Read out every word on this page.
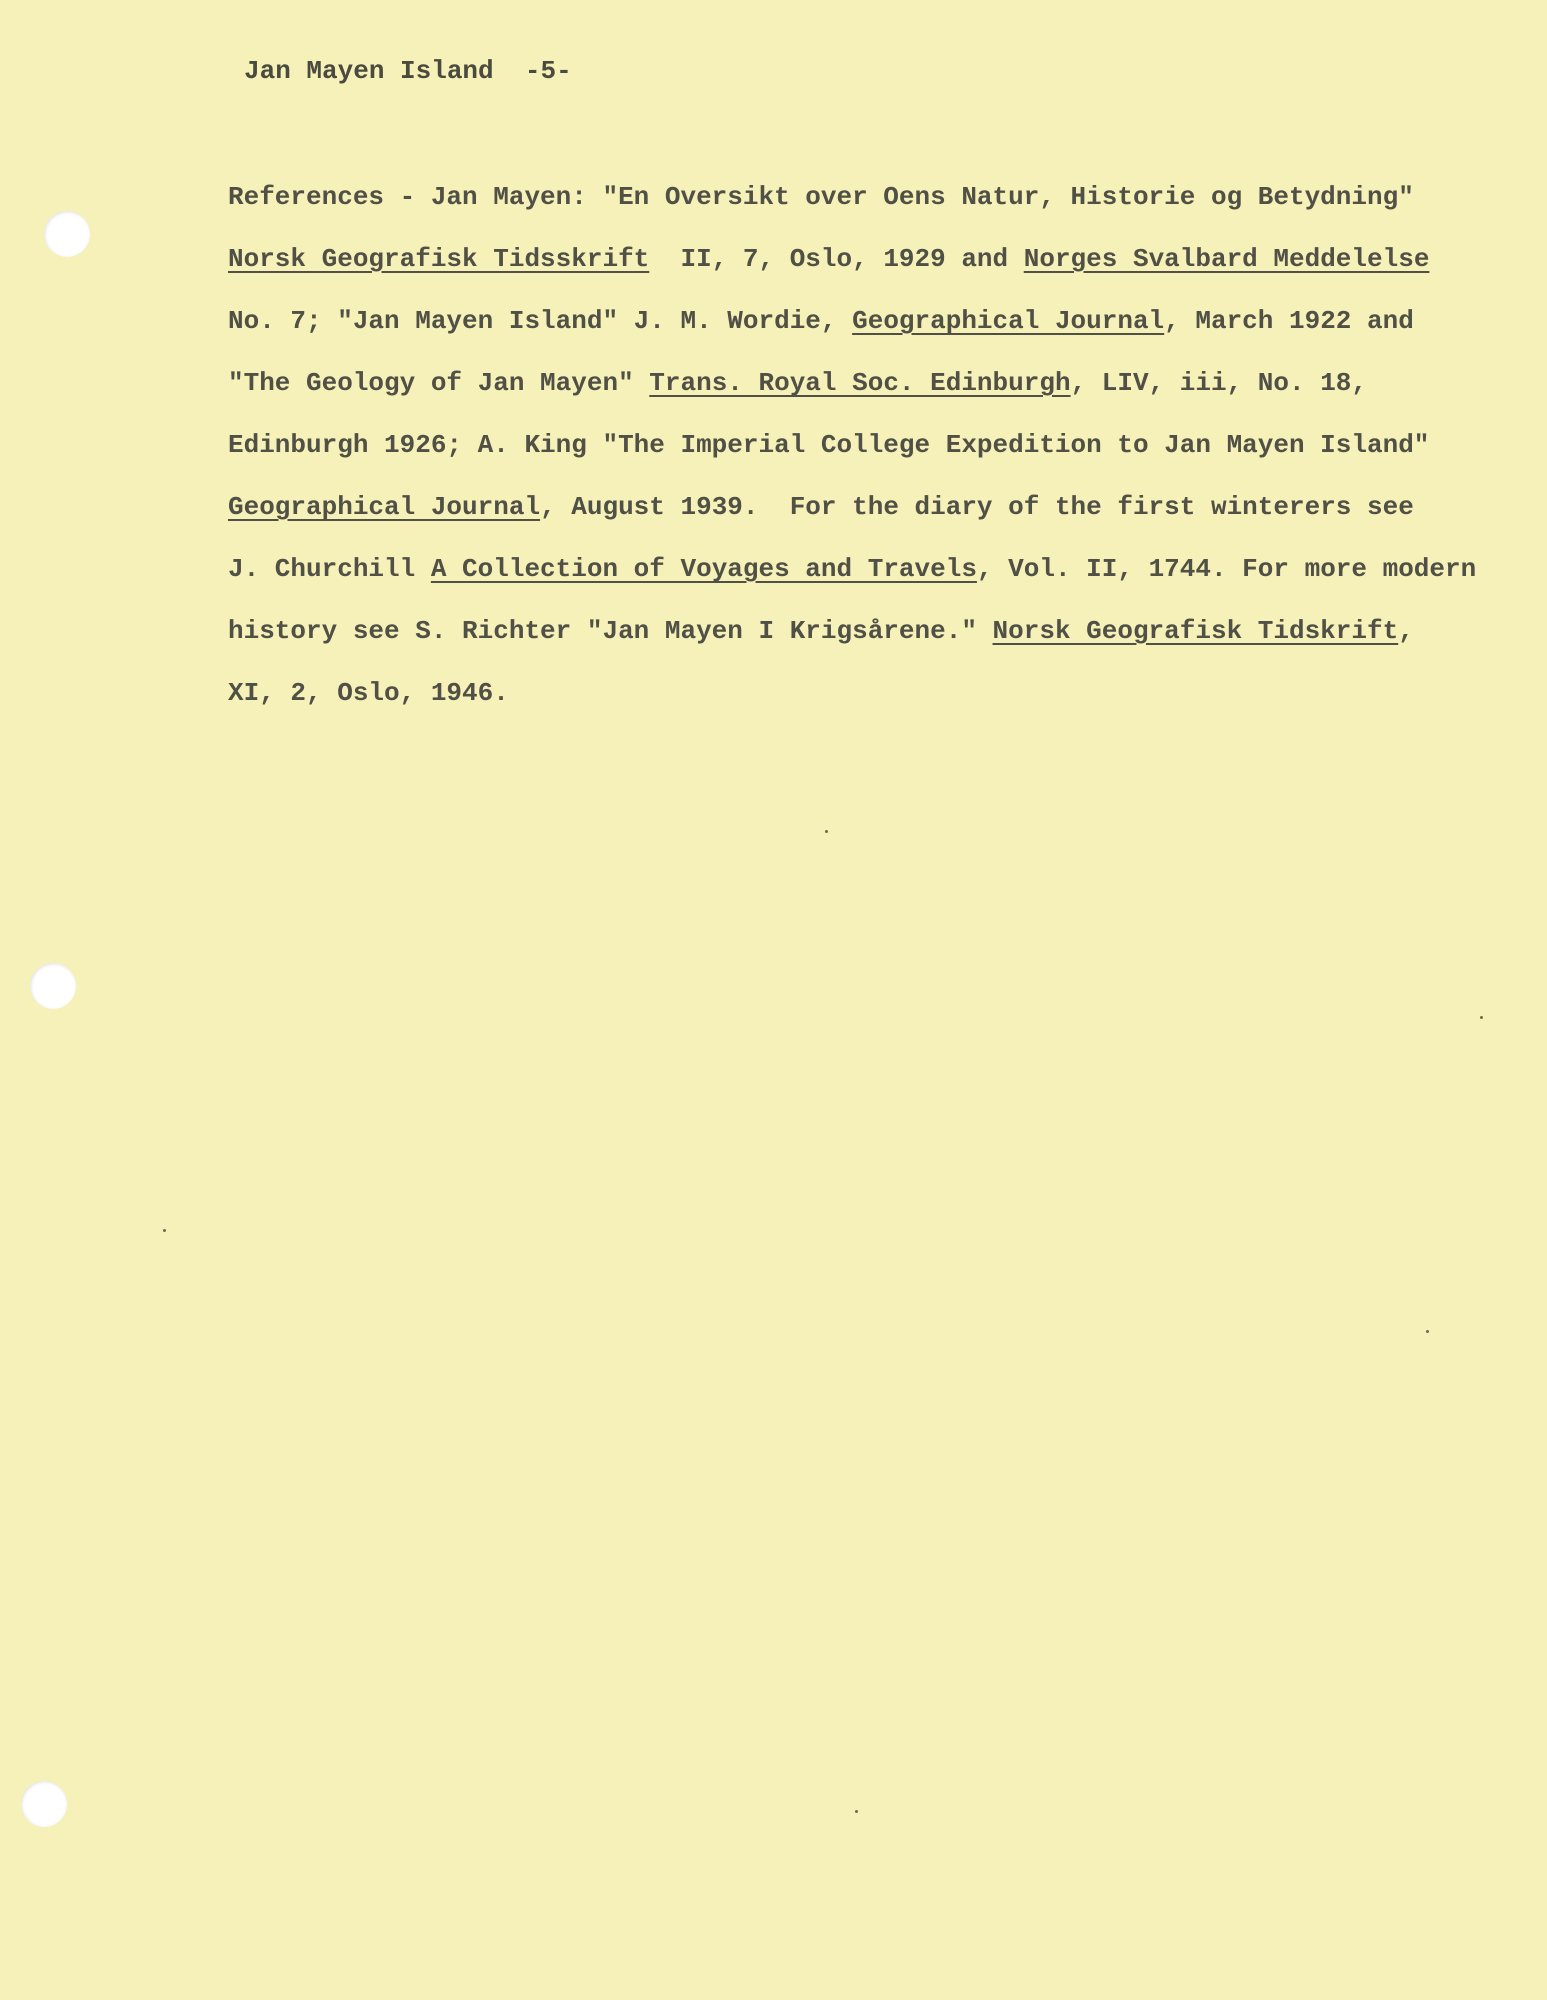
Jan Mayen Island -5-
References - Jan Mayen: "En Oversikt over Oens Natur, Historie og Betydning"
Norsk Geografisk Tidsskrift  II, 7, Oslo, 1929 and Norges Svalbard Meddelelse
No. 7; "Jan Mayen Island" J. M. Wordie, Geographical Journal, March 1922 and
"The Geology of Jan Mayen" Trans. Royal Soc. Edinburgh, LIV, iii, No. 18,
Edinburgh 1926; A. King "The Imperial College Expedition to Jan Mayen Island"
Geographical Journal, August 1939.  For the diary of the first winterers see
J. Churchill A Collection of Voyages and Travels, Vol. II, 1744. For more modern
history see S. Richter "Jan Mayen I Krigsårene." Norsk Geografisk Tidskrift,
XI, 2, Oslo, 1946.
